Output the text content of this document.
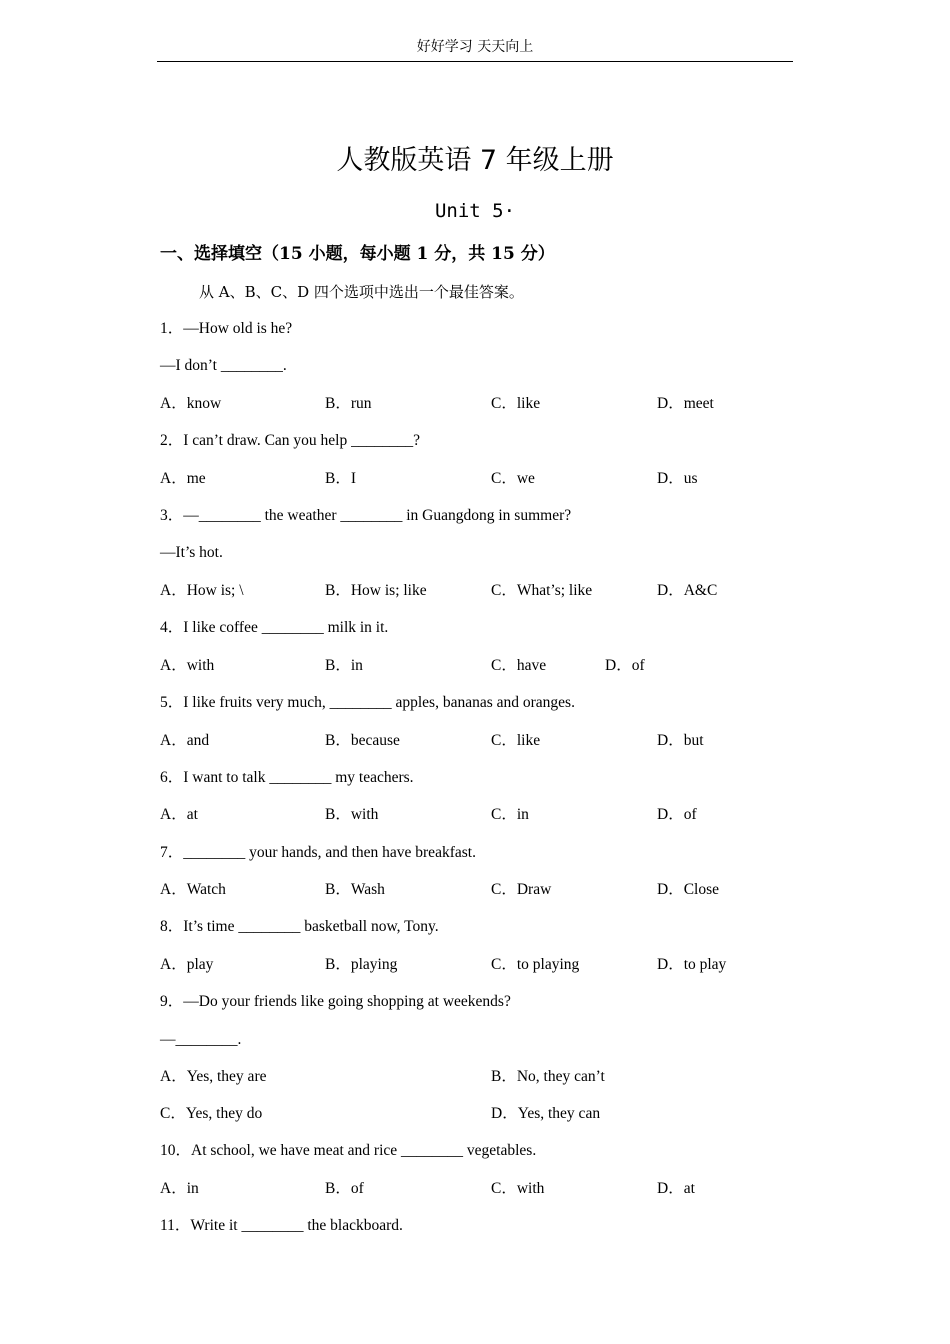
好好学习 天天向上
人教版英语 7 年级上册
Unit 5·
一、选择填空（15 小题，每小题 1 分，共 15 分）
从 A、B、C、D 四个选项中选出一个最佳答案。
1．—How old is he?
—I don’t ________.
A．know	B．run	C．like	D．meet
2．I can’t draw. Can you help ________?
A．me	B．I	C．we	D．us
3．—________ the weather ________ in Guangdong in summer?
—It’s hot.
A．How is; \	B．How is; like	C．What’s; like	D．A&C
4．I like coffee ________ milk in it.
A．with	B．in	C．have	D．of
5．I like fruits very much, ________ apples, bananas and oranges.
A．and	B．because	C．like	D．but
6．I want to talk ________ my teachers.
A．at	B．with	C．in	D．of
7．________ your hands, and then have breakfast.
A．Watch	B．Wash	C．Draw	D．Close
8．It’s time ________ basketball now, Tony.
A．play	B．playing	C．to playing	D．to play
9．—Do your friends like going shopping at weekends?
—________.
A．Yes, they are	B．No, they can’t
C．Yes, they do	D．Yes, they can
10．At school, we have meat and rice ________ vegetables.
A．in	B．of	C．with	D．at
11．Write it ________ the blackboard.
